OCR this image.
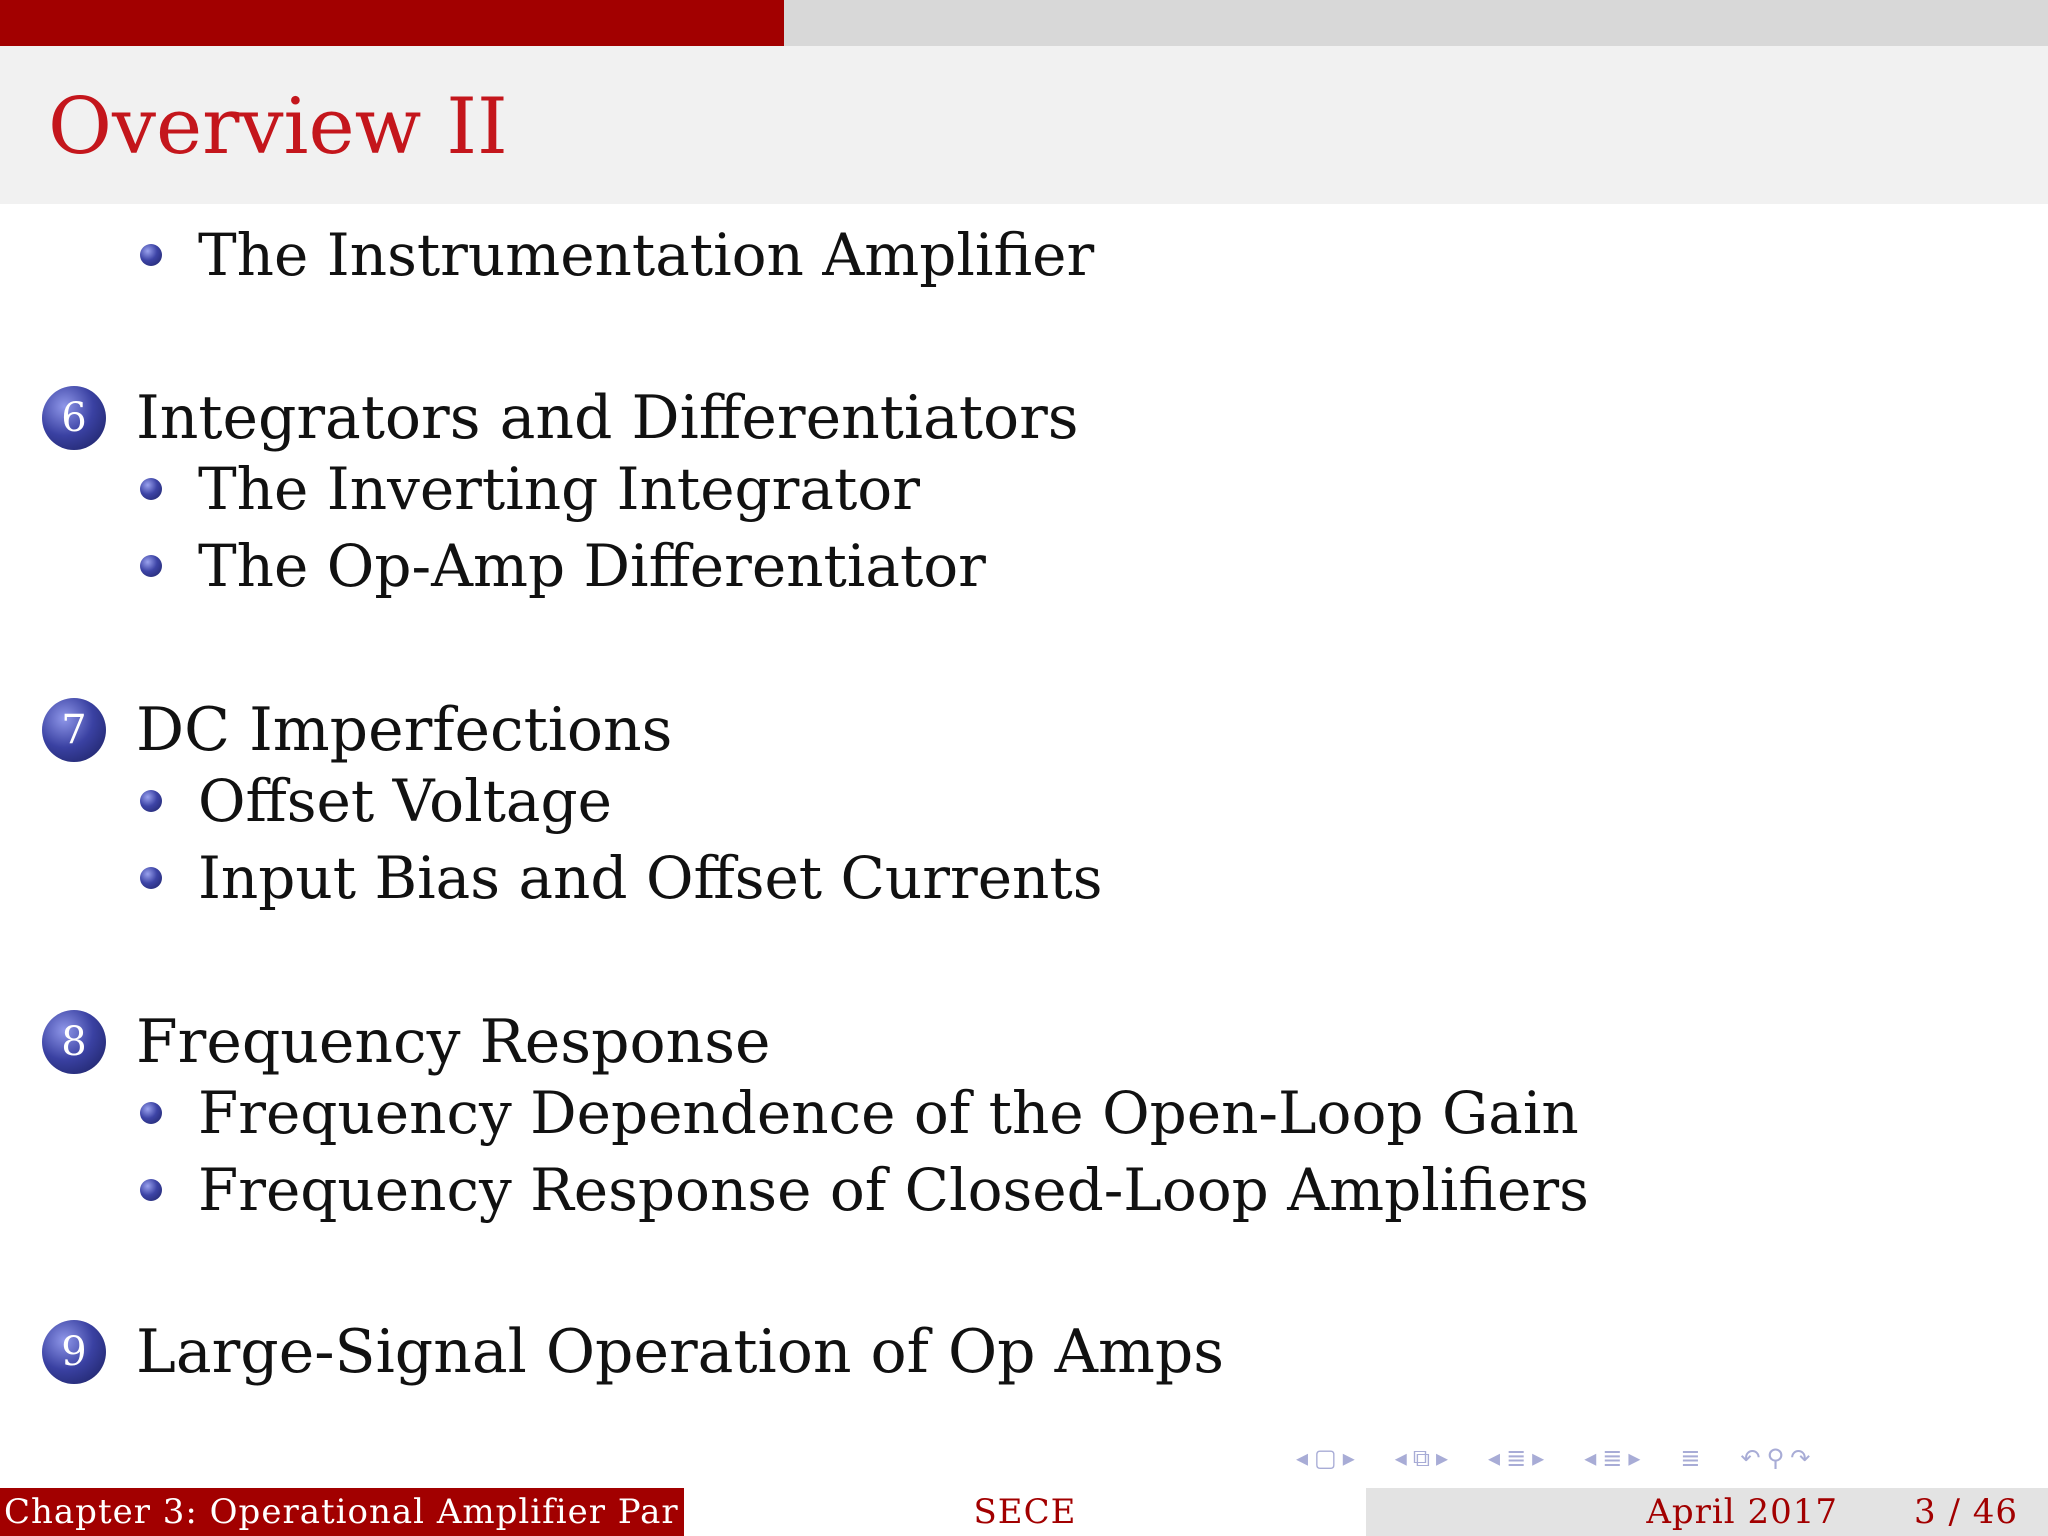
Overview II
The Instrumentation Amplifier
6 Integrators and Differentiators
The Inverting Integrator
The Op-Amp Differentiator
7 DC Imperfections
Offset Voltage
Input Bias and Offset Currents
8 Frequency Response
Frequency Dependence of the Open-Loop Gain
Frequency Response of Closed-Loop Amplifiers
9 Large-Signal Operation of Op Amps
◂ ▢ ▸ ◂ ⧉ ▸ ◂ ≣ ▸ ◂ ≣ ▸ ≣ ↶ ⚲ ↷
Chapter 3: Operational Amplifier Par	SECE	April 2017 3 / 46
